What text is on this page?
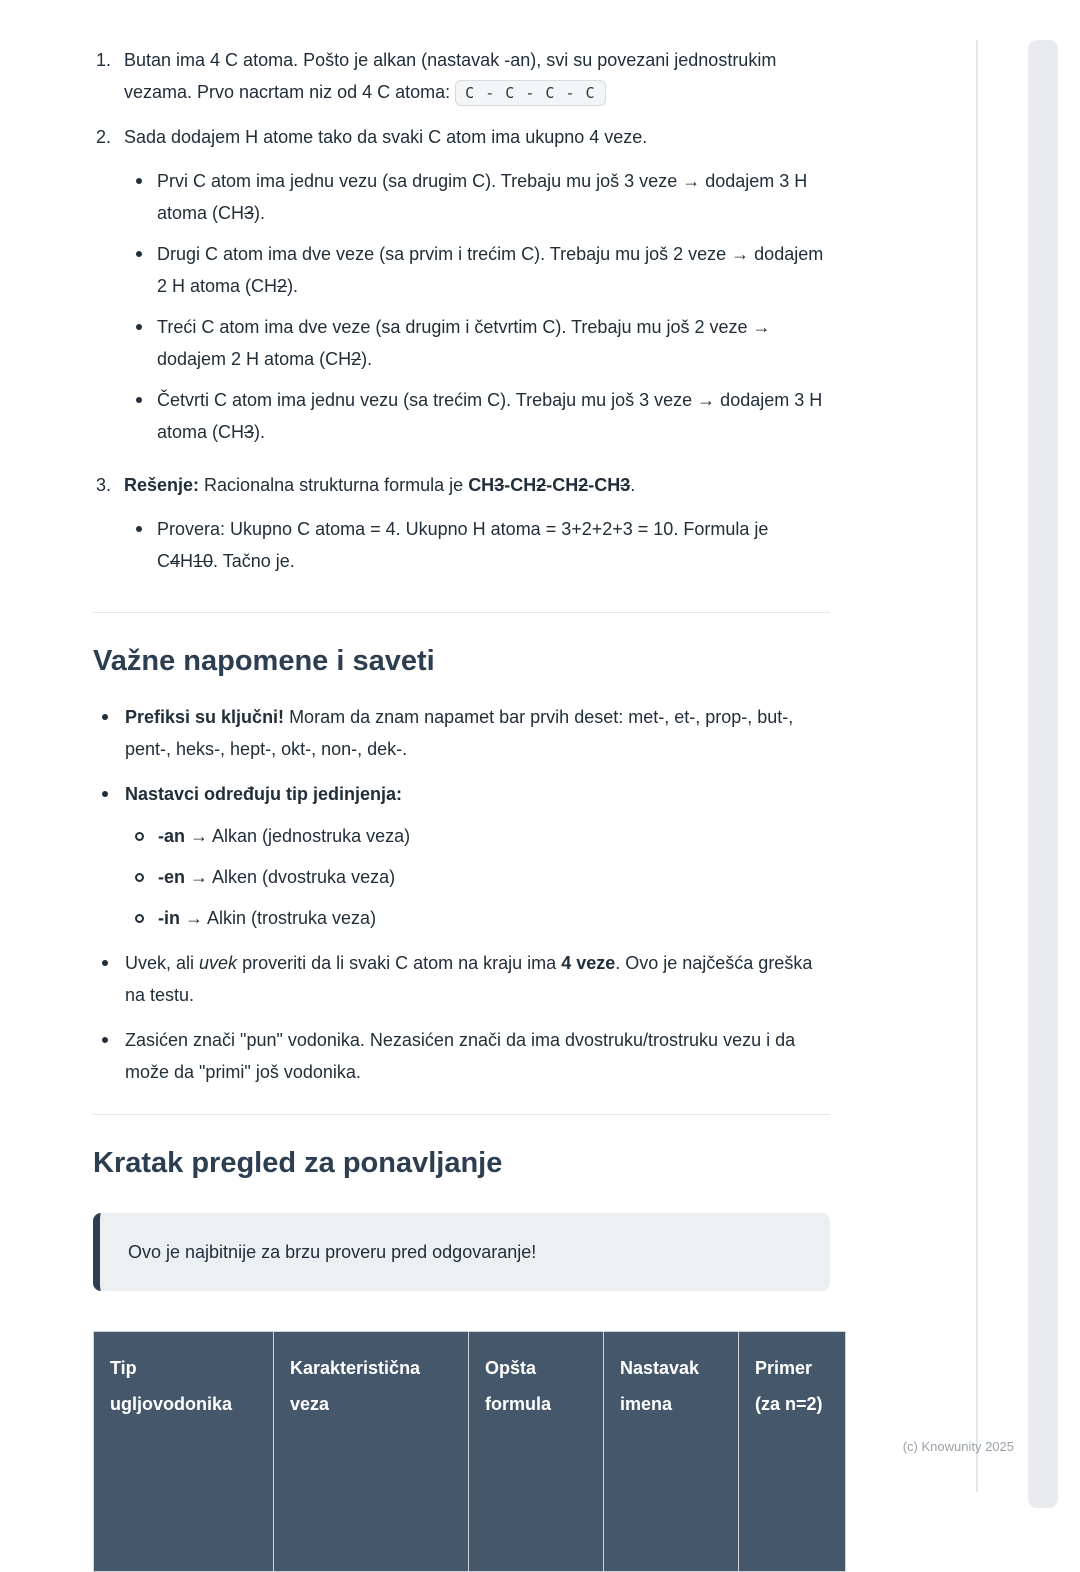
1. Butan ima 4 C atoma. Pošto je alkan (nastavak -an), svi su povezani jednostrukim vezama. Prvo nacrtam niz od 4 C atoma: C - C - C - C

2. Sada dodajem H atome tako da svaki C atom ima ukupno 4 veze.

Prvi C atom ima jednu vezu (sa drugim C). Trebaju mu još 3 veze → dodajem 3 H atoma (CH3).

Drugi C atom ima dve veze (sa prvim i trećim C). Trebaju mu još 2 veze → dodajem 2 H atoma (CH2).

Treći C atom ima dve veze (sa drugim i četvrtim C). Trebaju mu još 2 veze → dodajem 2 H atoma (CH2).

Četvrti C atom ima jednu vezu (sa trećim C). Trebaju mu još 3 veze → dodajem 3 H atoma (CH3).

3. Rešenje: Racionalna strukturna formula je CH3-CH2-CH2-CH3.

Provera: Ukupno C atoma = 4. Ukupno H atoma = 3+2+2+3 = 10. Formula je C4H10. Tačno je.

Važne napomene i saveti

Prefiksi su ključni! Moram da znam napamet bar prvih deset: met-, et-, prop-, but-, pent-, heks-, hept-, okt-, non-, dek-.

Nastavci određuju tip jedinjenja:

-an → Alkan (jednostruka veza)

-en → Alken (dvostruka veza)

-in → Alkin (trostruka veza)

Uvek, ali uvek proveriti da li svaki C atom na kraju ima 4 veze. Ovo je najčešća greška na testu.

Zasićen znači "pun" vodonika. Nezasićen znači da ima dvostruku/trostruku vezu i da može da "primi" još vodonika.

Kratak pregled za ponavljanje

Ovo je najbitnije za brzu proveru pred odgovaranje!

Tip ugljovodonika	Karakteristična veza	Opšta formula	Nastavak imena	Primer (za n=2)
(c) Knowunity 2025
